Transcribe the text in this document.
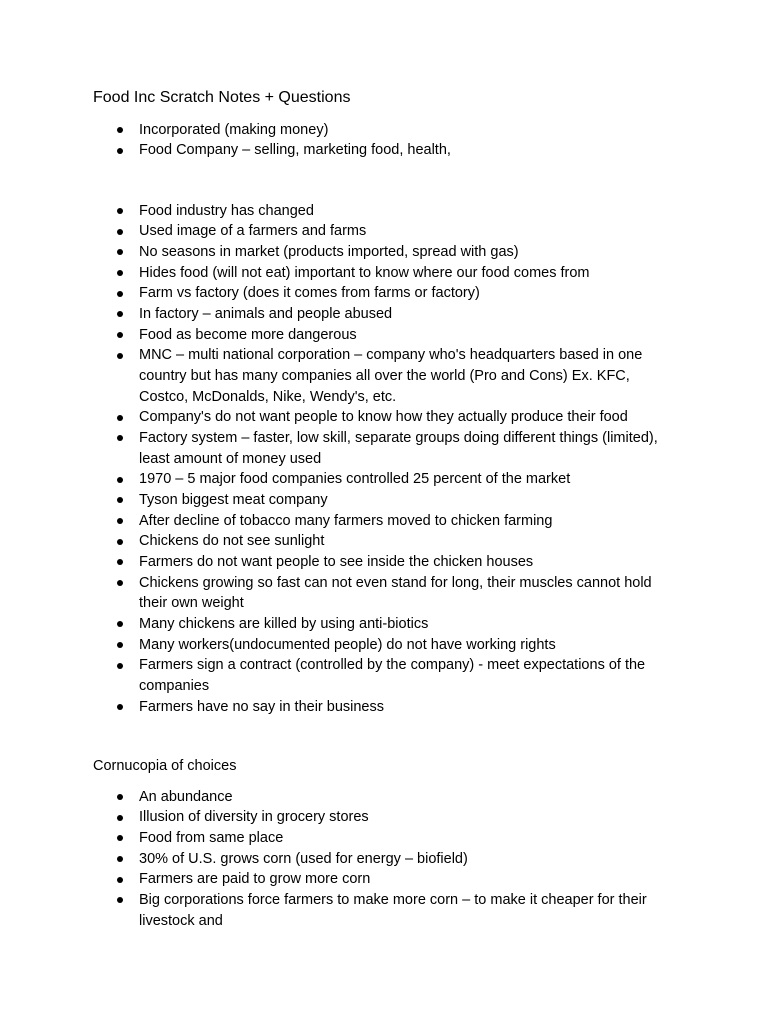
Food Inc Scratch Notes + Questions
Incorporated (making money)
Food Company – selling, marketing food, health,
Food industry has changed
Used image of a farmers and farms
No seasons in market (products imported, spread with gas)
Hides food (will not eat) important to know where our food comes from
Farm vs factory (does it comes from farms or factory)
In factory – animals and people abused
Food as become more dangerous
MNC – multi national corporation – company who's headquarters based in one
country but has many companies all over the world (Pro and Cons) Ex. KFC,
Costco, McDonalds, Nike, Wendy's, etc.
Company's do not want people to know how they actually produce their food
Factory system – faster, low skill, separate groups doing different things (limited),
least amount of money used
1970 – 5 major food companies controlled 25 percent of the market
Tyson biggest meat company
After decline of tobacco many farmers moved to chicken farming
Chickens do not see sunlight
Farmers do not want people to see inside the chicken houses
Chickens growing so fast can not even stand for long, their muscles cannot hold
their own weight
Many chickens are killed by using anti-biotics
Many workers(undocumented people) do not have working rights
Farmers sign a contract (controlled by the company) - meet expectations of the
companies
Farmers have no say in their business
Cornucopia of choices
An abundance
Illusion of diversity in grocery stores
Food from same place
30% of U.S. grows corn (used for energy – biofield)
Farmers are paid to grow more corn
Big corporations force farmers to make more corn – to make it cheaper for their
livestock and
